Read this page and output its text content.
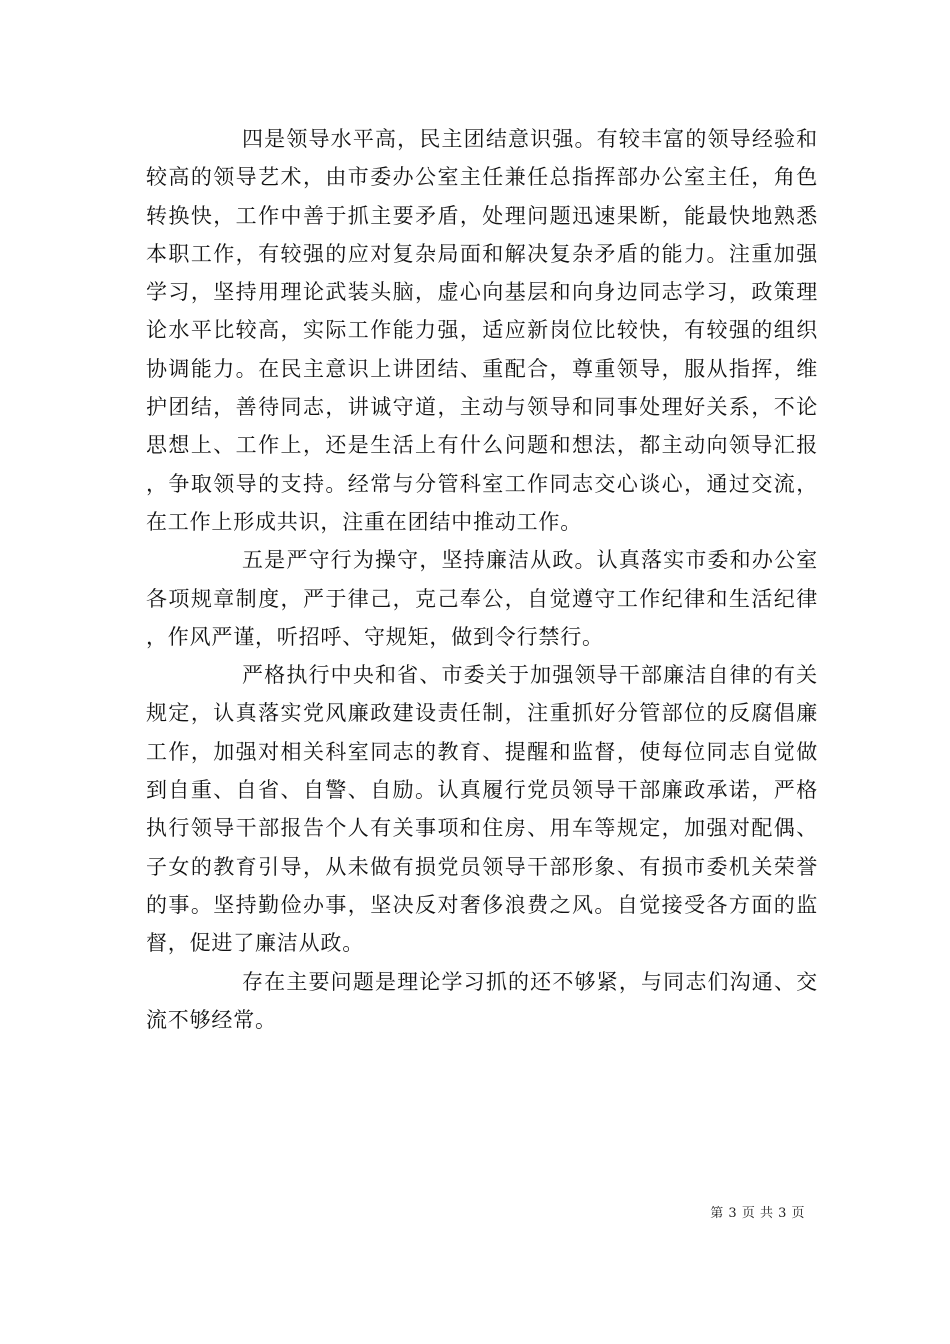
四是领导水平高，民主团结意识强。有较丰富的领导经验和较高的领导艺术，由市委办公室主任兼任总指挥部办公室主任，角色转换快，工作中善于抓主要矛盾，处理问题迅速果断，能最快地熟悉本职工作，有较强的应对复杂局面和解决复杂矛盾的能力。注重加强学习，坚持用理论武装头脑，虚心向基层和向身边同志学习，政策理论水平比较高，实际工作能力强，适应新岗位比较快，有较强的组织协调能力。在民主意识上讲团结、重配合，尊重领导，服从指挥，维护团结，善待同志，讲诚守道，主动与领导和同事处理好关系，不论思想上、工作上，还是生活上有什么问题和想法，都主动向领导汇报，争取领导的支持。经常与分管科室工作同志交心谈心，通过交流，在工作上形成共识，注重在团结中推动工作。

五是严守行为操守，坚持廉洁从政。认真落实市委和办公室各项规章制度，严于律己，克己奉公，自觉遵守工作纪律和生活纪律，作风严谨，听招呼、守规矩，做到令行禁行。

严格执行中央和省、市委关于加强领导干部廉洁自律的有关规定，认真落实党风廉政建设责任制，注重抓好分管部位的反腐倡廉工作，加强对相关科室同志的教育、提醒和监督，使每位同志自觉做到自重、自省、自警、自励。认真履行党员领导干部廉政承诺，严格执行领导干部报告个人有关事项和住房、用车等规定，加强对配偶、子女的教育引导，从未做有损党员领导干部形象、有损市委机关荣誉的事。坚持勤俭办事，坚决反对奢侈浪费之风。自觉接受各方面的监督，促进了廉洁从政。

存在主要问题是理论学习抓的还不够紧，与同志们沟通、交流不够经常。

第 3 页 共 3 页
